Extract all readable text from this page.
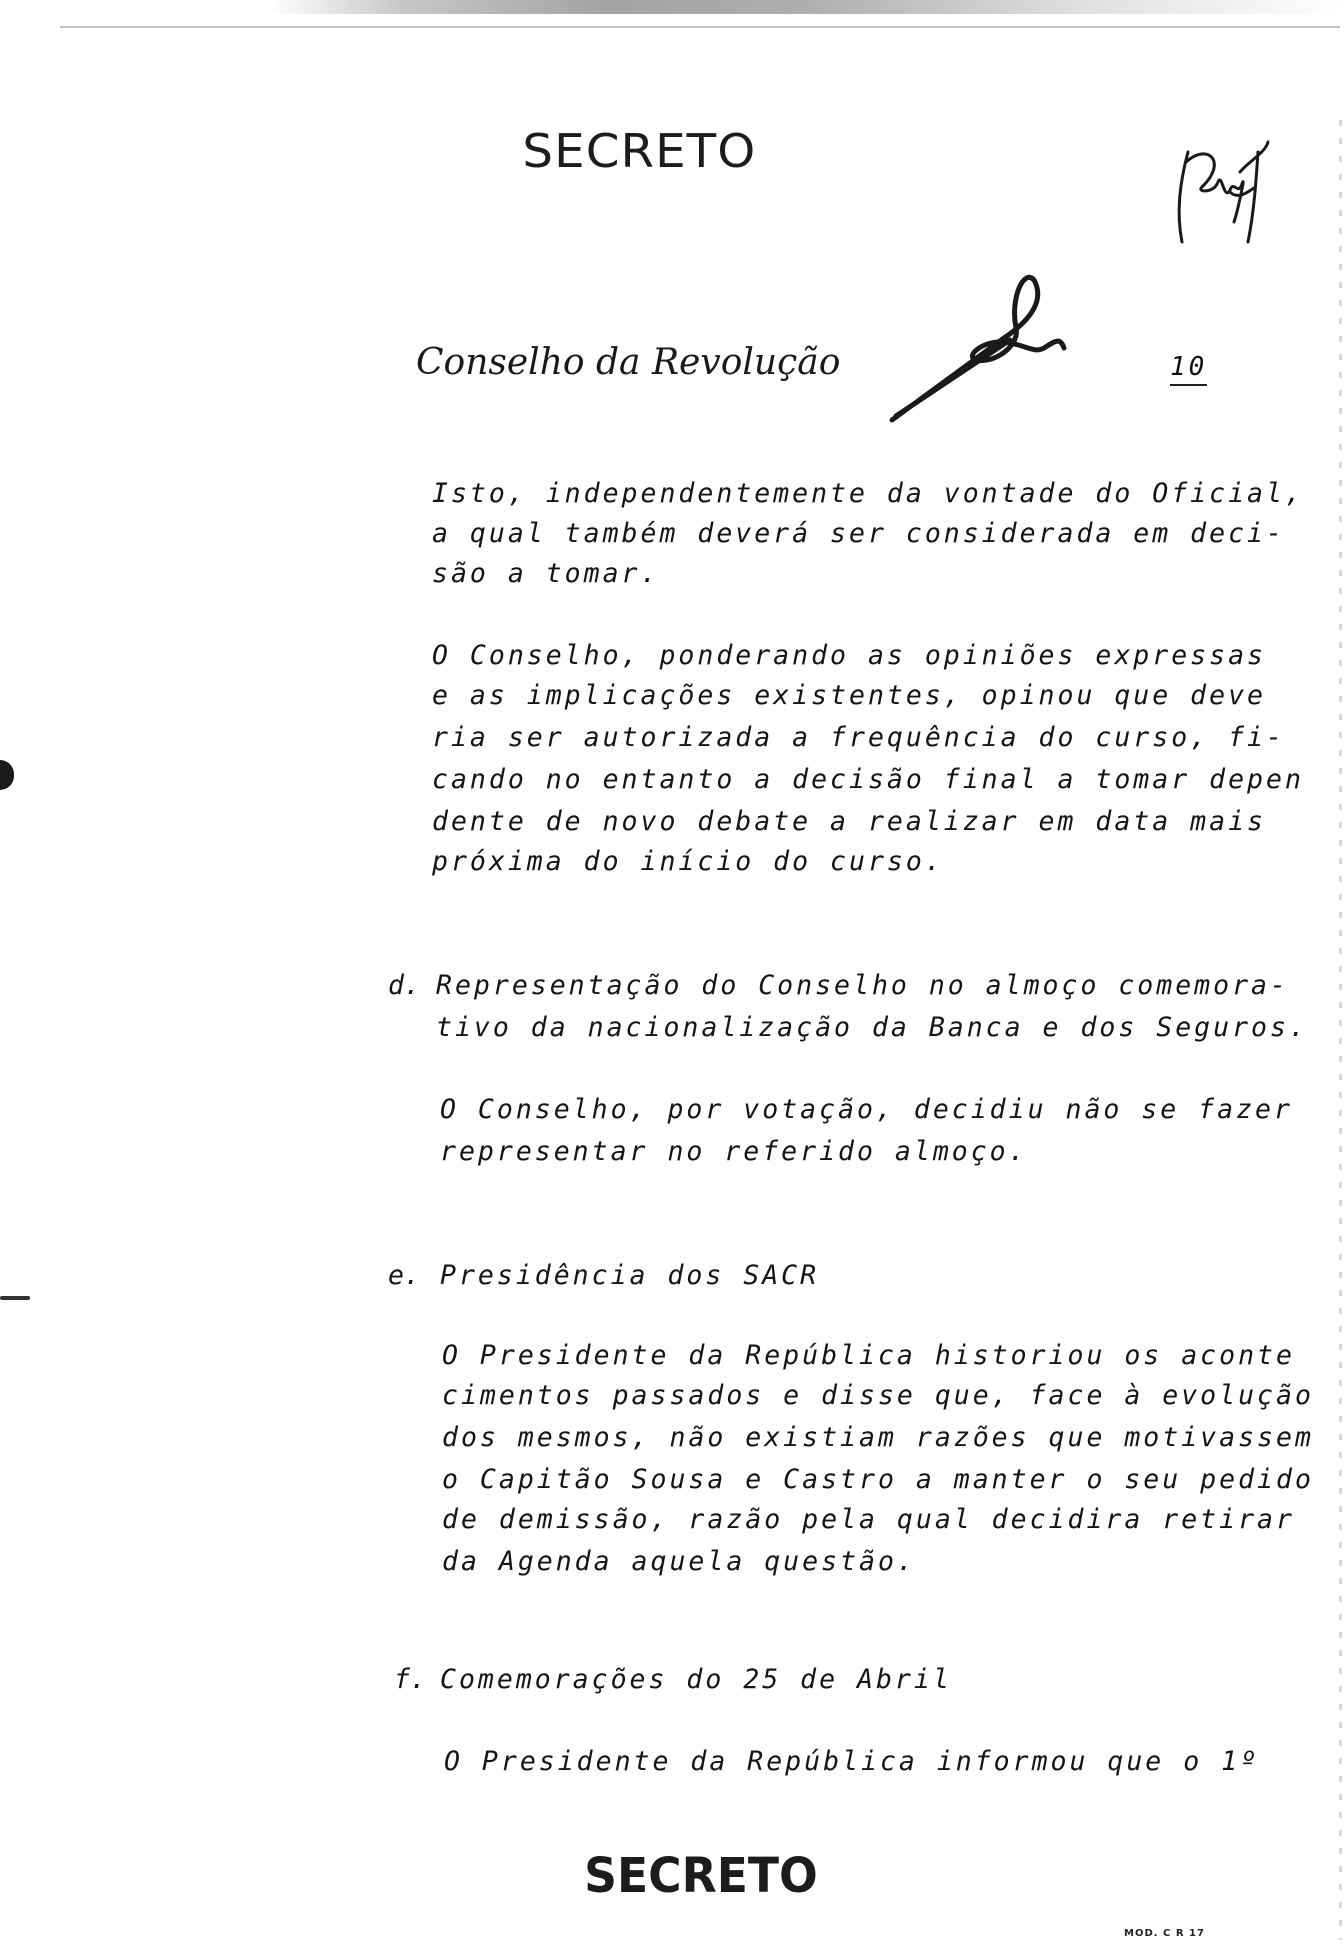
SECRETO
Conselho da Revolução	10
Isto, independentemente da vontade do Oficial,
a qual também deverá ser considerada em deci-
são a tomar.
O Conselho, ponderando as opiniões expressas
e as implicações existentes, opinou que deve
ria ser autorizada a frequência do curso, fi-
cando no entanto a decisão final a tomar depen
dente de novo debate a realizar em data mais
próxima do início do curso.
d. Representação do Conselho no almoço comemora-
tivo da nacionalização da Banca e dos Seguros.
O Conselho, por votação, decidiu não se fazer
representar no referido almoço.
e. Presidência dos SACR
O Presidente da República historiou os aconte
cimentos passados e disse que, face à evolução
dos mesmos, não existiam razões que motivassem
o Capitão Sousa e Castro a manter o seu pedido
de demissão, razão pela qual decidira retirar
da Agenda aquela questão.
f. Comemorações do 25 de Abril
O Presidente da República informou que o 1º
SECRETO
MOD. C R 17
